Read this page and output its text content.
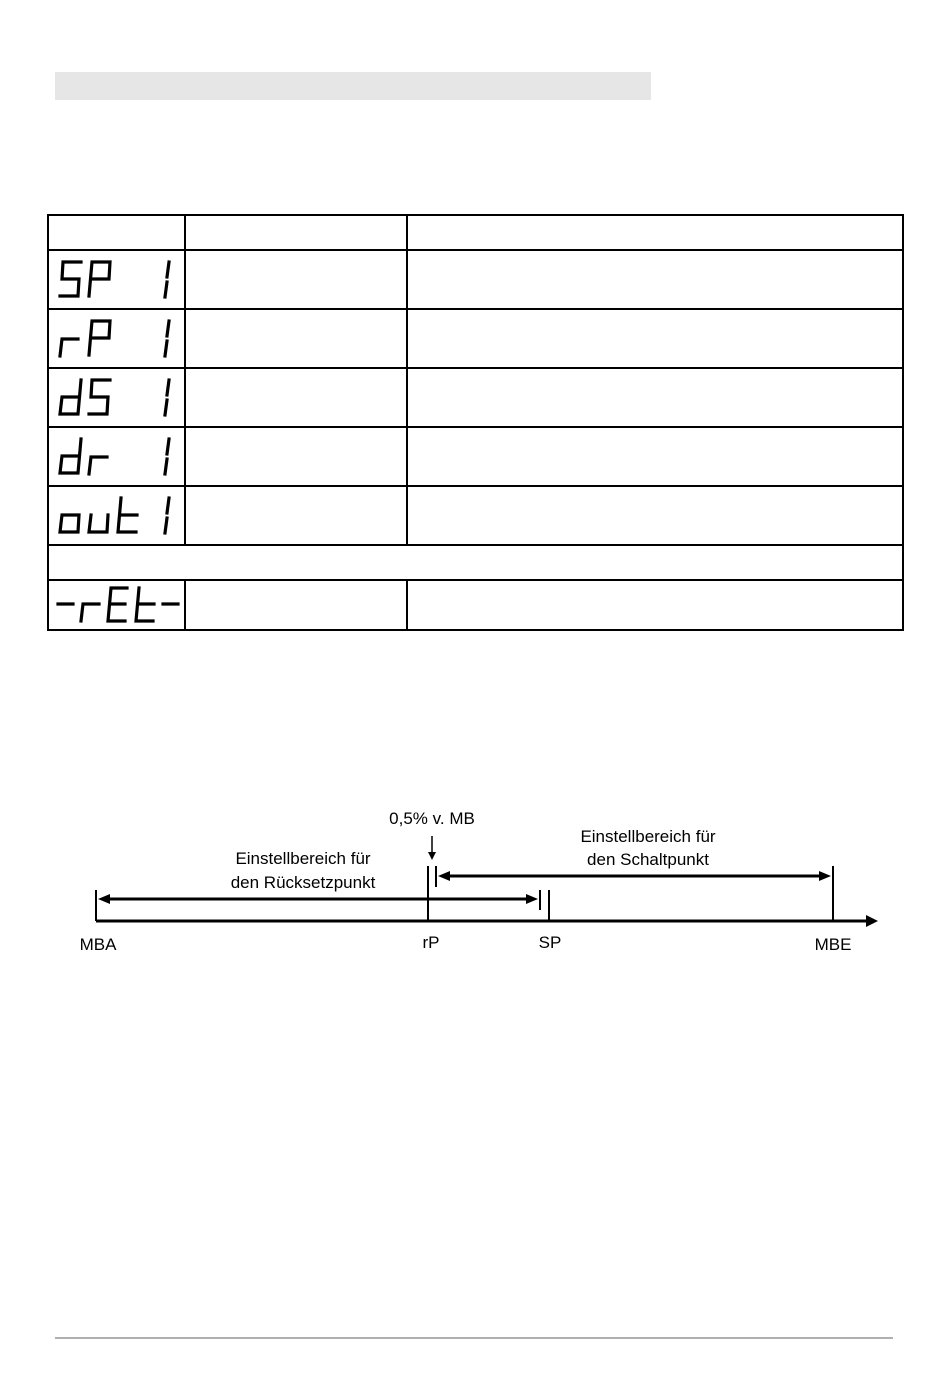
0,5% v. MB
Einstellbereich für
den Schaltpunkt
Einstellbereich für
den Rücksetzpunkt
MBA	rP	SP	MBE
